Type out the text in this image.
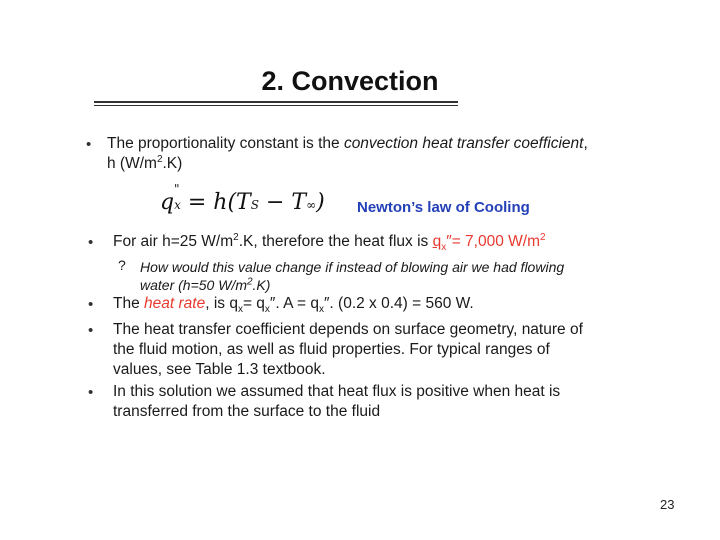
2. Convection
• The proportionality constant is the convection heat transfer coefficient,
h $(W/m^2.K)$
qx
"
= h(TS − T∞) Newton’s law of Cooling
• For air h=25 $W/m^2.K$, therefore the heat flux is $q_x''= 7,000$ $W/m^2$
? How would this value change if instead of blowing air we had flowing
water (h=50 $W/m^2.K$)
• The heat rate, is $q_x= q_x''$. $A = q_x''$. (0.2 x 0.4) = 560 W.
• The heat transfer coefficient depends on surface geometry, nature of
the fluid motion, as well as fluid properties. For typical ranges of
values, see Table 1.3 textbook.
• In this solution we assumed that heat flux is positive when heat is
transferred from the surface to the fluid
23
